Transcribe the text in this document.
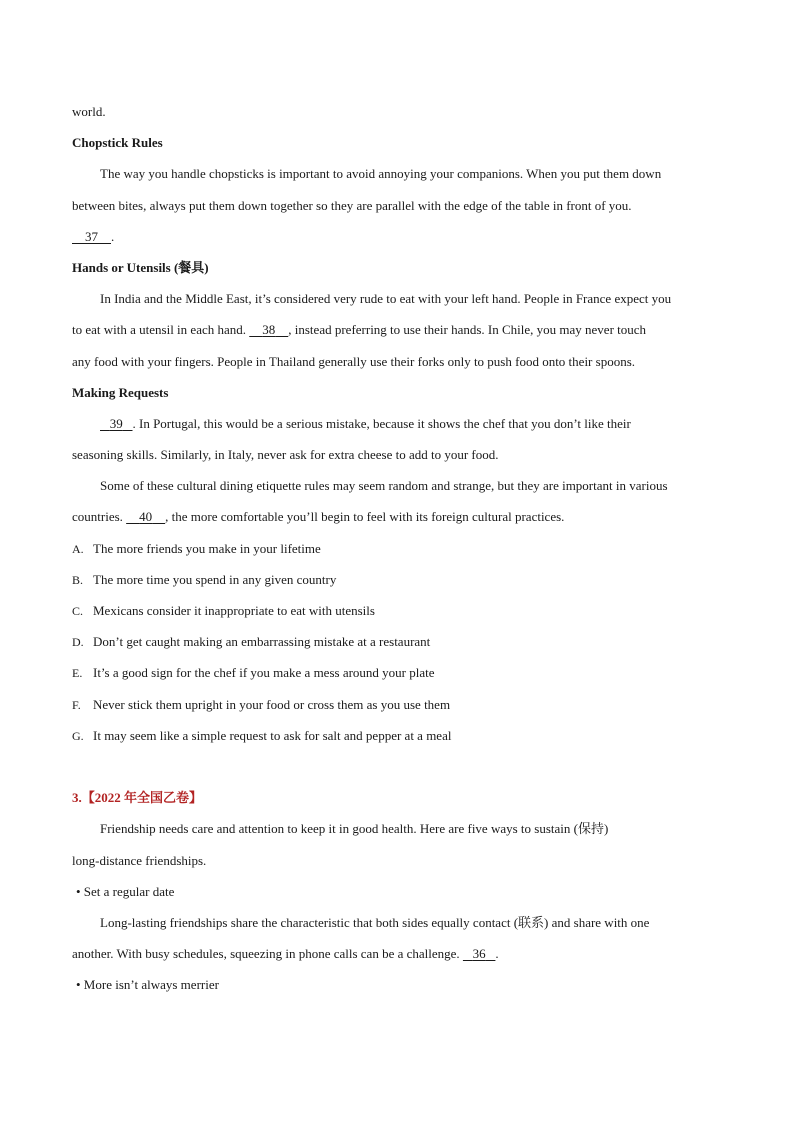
world.
Chopstick Rules
The way you handle chopsticks is important to avoid annoying your companions. When you put them down
between bites, always put them down together so they are parallel with the edge of the table in front of you.
37 .
Hands or Utensils (餐具)
In India and the Middle East, it’s considered very rude to eat with your left hand. People in France expect you
to eat with a utensil in each hand. 38 , instead preferring to use their hands. In Chile, you may never touch
any food with your fingers. People in Thailand generally use their forks only to push food onto their spoons.
Making Requests
39 . In Portugal, this would be a serious mistake, because it shows the chef that you don’t like their
seasoning skills. Similarly, in Italy, never ask for extra cheese to add to your food.
Some of these cultural dining etiquette rules may seem random and strange, but they are important in various
countries. 40 , the more comfortable you’ll begin to feel with its foreign cultural practices.
A. The more friends you make in your lifetime
B. The more time you spend in any given country
C. Mexicans consider it inappropriate to eat with utensils
D. Don’t get caught making an embarrassing mistake at a restaurant
E. It’s a good sign for the chef if you make a mess around your plate
F. Never stick them upright in your food or cross them as you use them
G. It may seem like a simple request to ask for salt and pepper at a meal
3.【2022 年全国乙卷】
Friendship needs care and attention to keep it in good health. Here are five ways to sustain (保持)
long-distance friendships.
• Set a regular date
Long-lasting friendships share the characteristic that both sides equally contact (联系) and share with one
another. With busy schedules, squeezing in phone calls can be a challenge. 36 .
• More isn’t always merrier
